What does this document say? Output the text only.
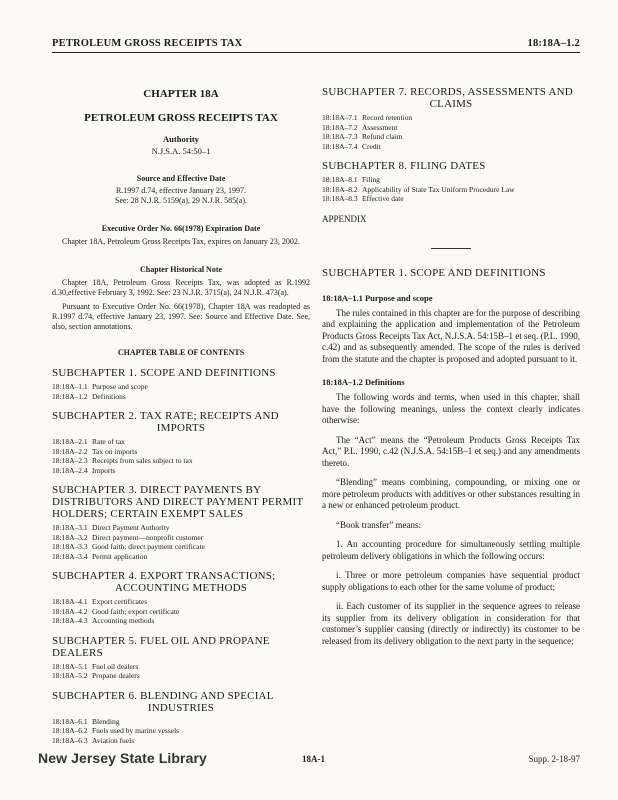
PETROLEUM GROSS RECEIPTS TAX	18:18A–1.2
CHAPTER 18A
PETROLEUM GROSS RECEIPTS TAX
Authority
N.J.S.A. 54:50–1
Source and Effective Date
R.1997 d.74, effective January 23, 1997.
See: 28 N.J.R. 5159(a), 29 N.J.R. 585(a).
Executive Order No. 66(1978) Expiration Date
Chapter 18A, Petroleum Gross Receipts Tax, expires on January 23, 2002.
Chapter Historical Note
Chapter 18A, Petroleum Gross Receipts Tax, was adopted as R.1992 d.30,effective February 3, 1992. See: 23 N.J.R. 3715(a), 24 N.J.R. 473(a).
Pursuant to Executive Order No. 66(1978), Chapter 18A was readopted as R.1997 d.74, effective January 23, 1997. See: Source and Effective Date. See, also, section annotations.
CHAPTER TABLE OF CONTENTS
SUBCHAPTER 1. SCOPE AND DEFINITIONS
18:18A–1.1 Purpose and scope
18:18A–1.2 Definitions
SUBCHAPTER 2. TAX RATE; RECEIPTS AND
IMPORTS
18:18A–2.1 Rate of tax
18:18A–2.2 Tax on imports
18:18A–2.3 Receipts from sales subject to tax
18:18A–2.4 Imports
SUBCHAPTER 3. DIRECT PAYMENTS BY
DISTRIBUTORS AND DIRECT PAYMENT PERMIT
HOLDERS; CERTAIN EXEMPT SALES
18:18A–3.1 Direct Payment Authority
18:18A–3.2 Direct payment—nonprofit customer
18:18A–3.3 Good faith; direct payment certificate
18:18A–3.4 Permit application
SUBCHAPTER 4. EXPORT TRANSACTIONS;
ACCOUNTING METHODS
18:18A–4.1 Export certificates
18:18A–4.2 Good faith; export certificate
18:18A–4.3 Accounting methods
SUBCHAPTER 5. FUEL OIL AND PROPANE DEALERS
18:18A–5.1 Fuel oil dealers
18:18A–5.2 Propane dealers
SUBCHAPTER 6. BLENDING AND SPECIAL
INDUSTRIES
18:18A–6.1 Blending
18:18A–6.2 Fuels used by marine vessels
18:18A–6.3 Aviation fuels
SUBCHAPTER 7. RECORDS, ASSESSMENTS AND
CLAIMS
18:18A–7.1 Record retention
18:18A–7.2 Assessment
18:18A–7.3 Refund claim
18:18A–7.4 Credit
SUBCHAPTER 8. FILING DATES
18:18A–8.1 Filing
18:18A–8.2 Applicability of State Tax Uniform Procedure Law
18:18A–8.3 Effective date
APPENDIX
SUBCHAPTER 1. SCOPE AND DEFINITIONS
18:18A–1.1 Purpose and scope

The rules contained in this chapter are for the purpose of describing and explaining the application and implementation of the Petroleum Products Gross Receipts Tax Act, N.J.S.A. 54:15B–1 et seq. (P.L. 1990, c.42) and as subsequently amended. The scope of the rules is derived from the statute and the chapter is proposed and adopted pursuant to it.

18:18A–1.2 Definitions

The following words and terms, when used in this chapter, shall have the following meanings, unless the context clearly indicates otherwise:

The “Act” means the “Petroleum Products Gross Receipts Tax Act,” P.L. 1990, c.42 (N.J.S.A. 54:15B–1 et seq.) and any amendments thereto.

“Blending” means combining, compounding, or mixing one or more petroleum products with additives or other substances resulting in a new or enhanced petroleum product.

“Book transfer” means:

1. An accounting procedure for simultaneously settling multiple petroleum delivery obligations in which the following occurs:

i. Three or more petroleum companies have sequential product supply obligations to each other for the same volume of product;

ii. Each customer of its supplier in the sequence agrees to release its supplier from its delivery obligation in consideration for that customer’s supplier causing (directly or indirectly) its customer to be released from its delivery obligation to the next party in the sequence;

New Jersey State Library	18A-1	Supp. 2-18-97
